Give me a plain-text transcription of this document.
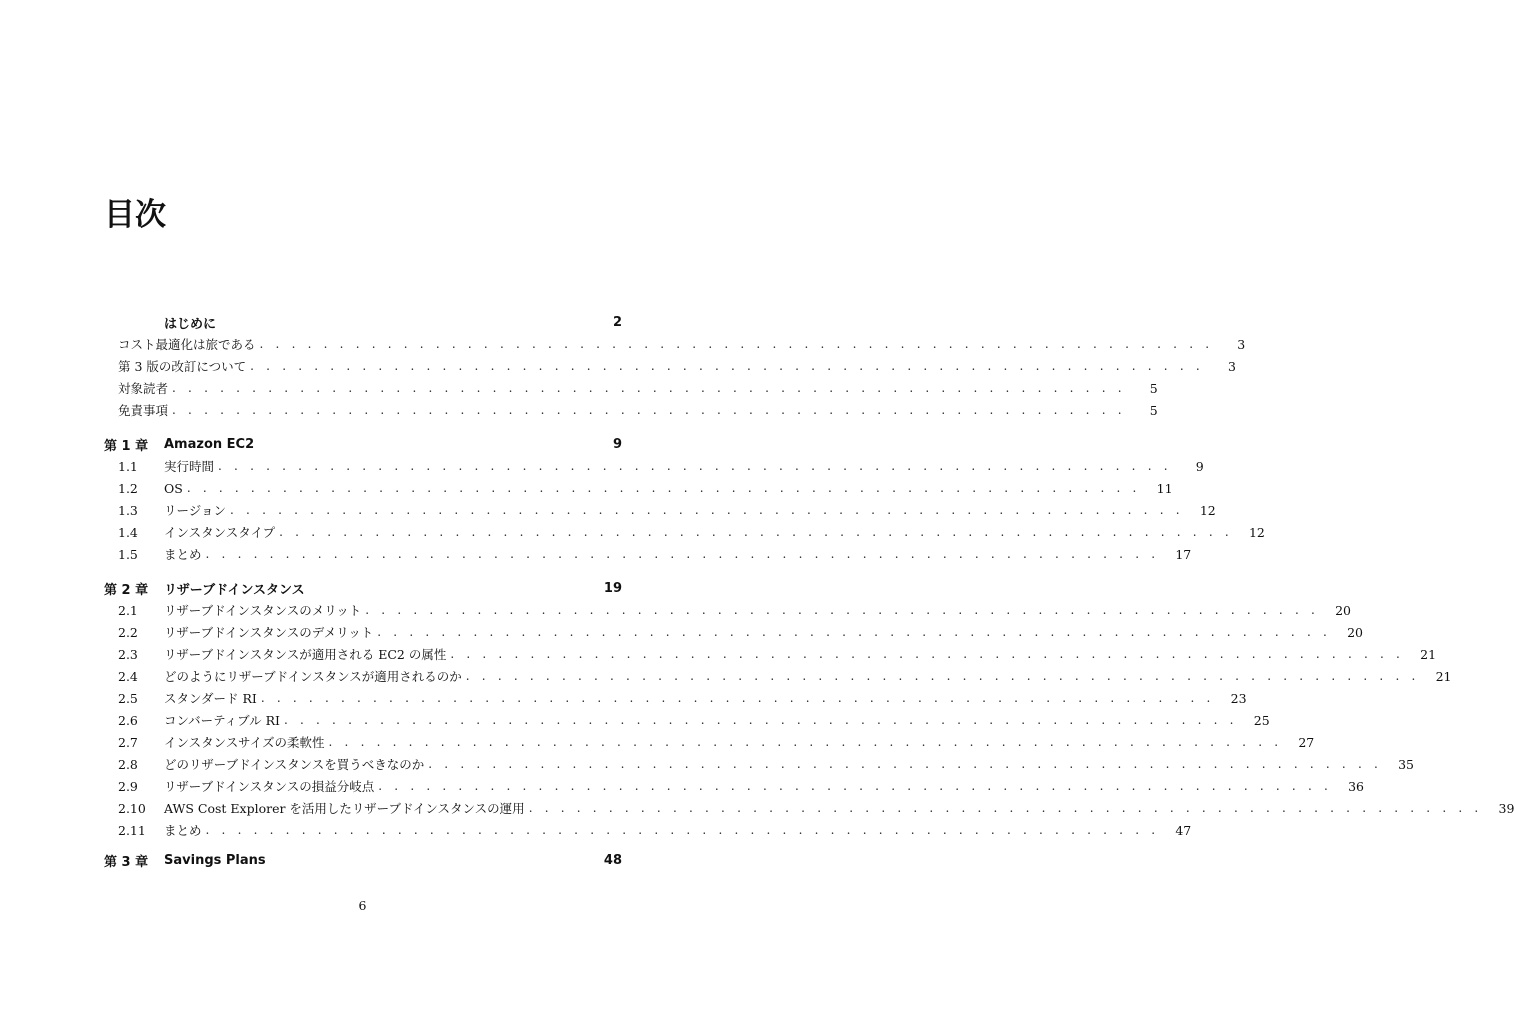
目次
はじめに	2
コスト最適化は旅である . . . . . . . . . . . . . . . . . . . . . . . . . . . . . . . . . . . . . . . . . . . . . . . . . . . . . . . . . . . .	3
第 3 版の改訂について . . . . . . . . . . . . . . . . . . . . . . . . . . . . . . . . . . . . . . . . . . . . . . . . . . . . . . . . . . . .	3
対象読者 . . . . . . . . . . . . . . . . . . . . . . . . . . . . . . . . . . . . . . . . . . . . . . . . . . . . . . . . . . . .	5
免責事項 . . . . . . . . . . . . . . . . . . . . . . . . . . . . . . . . . . . . . . . . . . . . . . . . . . . . . . . . . . . .	5
第 1 章	Amazon EC2	9
1.1	実行時間 . . . . . . . . . . . . . . . . . . . . . . . . . . . . . . . . . . . . . . . . . . . . . . . . . . . . . . . . . . . .	9
1.2	OS . . . . . . . . . . . . . . . . . . . . . . . . . . . . . . . . . . . . . . . . . . . . . . . . . . . . . . . . . . . .	11
1.3	リージョン . . . . . . . . . . . . . . . . . . . . . . . . . . . . . . . . . . . . . . . . . . . . . . . . . . . . . . . . . . . .	12
1.4	インスタンスタイプ . . . . . . . . . . . . . . . . . . . . . . . . . . . . . . . . . . . . . . . . . . . . . . . . . . . . . . . . . . . .	12
1.5	まとめ . . . . . . . . . . . . . . . . . . . . . . . . . . . . . . . . . . . . . . . . . . . . . . . . . . . . . . . . . . . .	17
第 2 章	リザーブドインスタンス	19
2.1	リザーブドインスタンスのメリット . . . . . . . . . . . . . . . . . . . . . . . . . . . . . . . . . . . . . . . . . . . . . . . . . . . . . . . . . . . .	20
2.2	リザーブドインスタンスのデメリット . . . . . . . . . . . . . . . . . . . . . . . . . . . . . . . . . . . . . . . . . . . . . . . . . . . . . . . . . . . .	20
2.3	リザーブドインスタンスが適用される EC2 の属性 . . . . . . . . . . . . . . . . . . . . . . . . . . . . . . . . . . . . . . . . . . . . . . . . . . . . . . . . . . . .	21
2.4	どのようにリザーブドインスタンスが適用されるのか . . . . . . . . . . . . . . . . . . . . . . . . . . . . . . . . . . . . . . . . . . . . . . . . . . . . . . . . . . . .	21
2.5	スタンダード RI . . . . . . . . . . . . . . . . . . . . . . . . . . . . . . . . . . . . . . . . . . . . . . . . . . . . . . . . . . . .	23
2.6	コンバーティブル RI . . . . . . . . . . . . . . . . . . . . . . . . . . . . . . . . . . . . . . . . . . . . . . . . . . . . . . . . . . . .	25
2.7	インスタンスサイズの柔軟性 . . . . . . . . . . . . . . . . . . . . . . . . . . . . . . . . . . . . . . . . . . . . . . . . . . . . . . . . . . . .	27
2.8	どのリザーブドインスタンスを買うべきなのか . . . . . . . . . . . . . . . . . . . . . . . . . . . . . . . . . . . . . . . . . . . . . . . . . . . . . . . . . . . .	35
2.9	リザーブドインスタンスの損益分岐点 . . . . . . . . . . . . . . . . . . . . . . . . . . . . . . . . . . . . . . . . . . . . . . . . . . . . . . . . . . . .	36
2.10	AWS Cost Explorer を活用したリザーブドインスタンスの運用 . . . . . . . . . . . . . . . . . . . . . . . . . . . . . . . . . . . . . . . . . . . . . . . . . . . . . . . . . . . .	39
2.11	まとめ . . . . . . . . . . . . . . . . . . . . . . . . . . . . . . . . . . . . . . . . . . . . . . . . . . . . . . . . . . . .	47
第 3 章	Savings Plans	48
6
